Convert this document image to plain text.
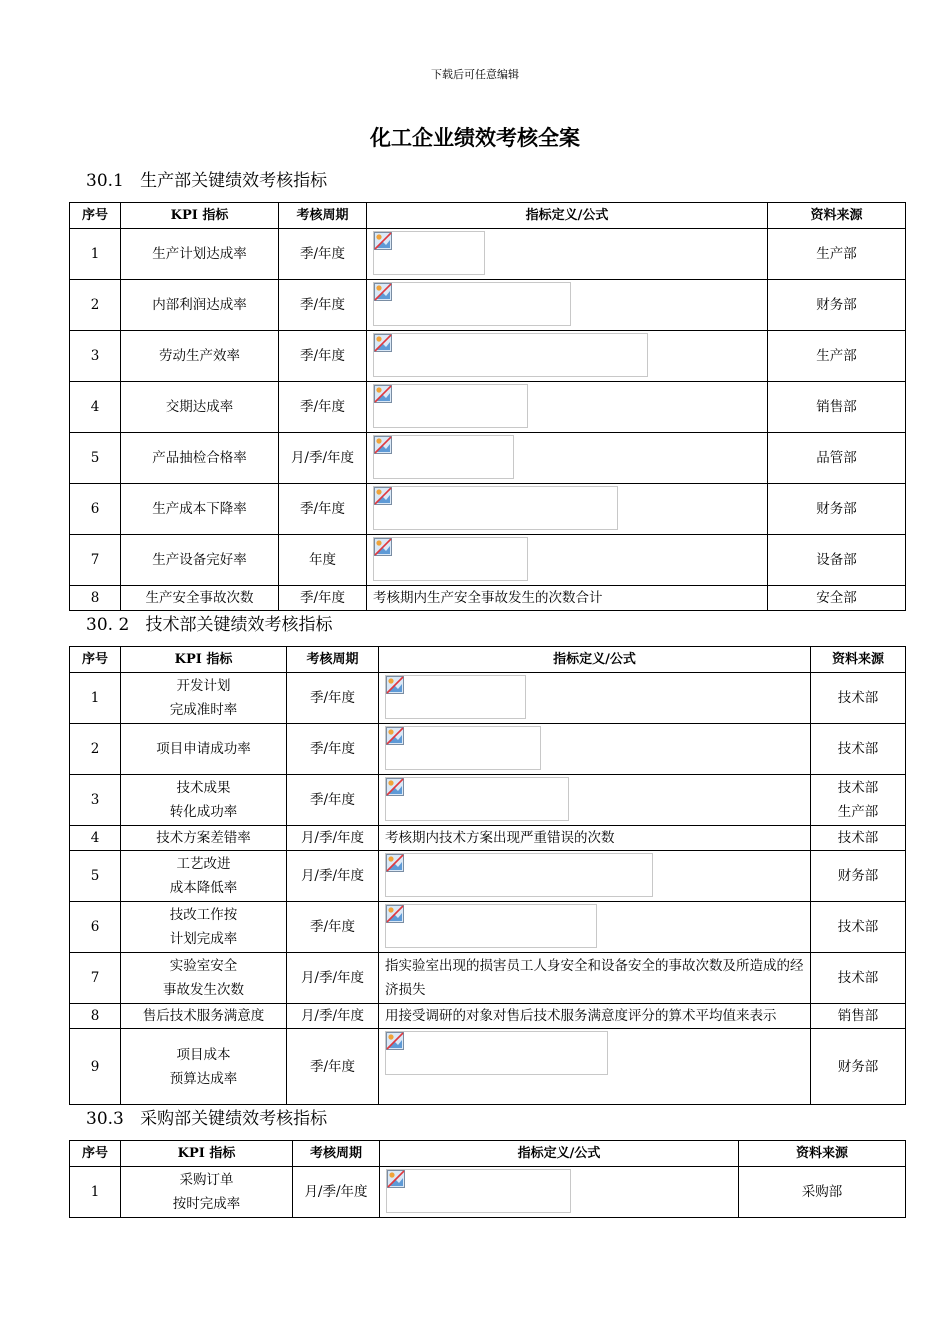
下载后可任意编辑
化工企业绩效考核全案
30.1   生产部关键绩效考核指标
序号	KPI 指标	考核周期	指标定义/公式	资料来源
1	生产计划达成率	季/年度		生产部

2	内部利润达成率	季/年度		财务部

3	劳动生产效率	季/年度		生产部

4	交期达成率	季/年度		销售部

5	产品抽检合格率	月/季/年度		品管部

6	生产成本下降率	季/年度		财务部

7	生产设备完好率	年度		设备部

8	生产安全事故次数	季/年度	考核期内生产安全事故发生的次数合计	安全部
30. 2   技术部关键绩效考核指标
序号	KPI 指标	考核周期	指标定义/公式	资料来源
1	开发计划
完成准时率	季/年度		技术部

2	项目申请成功率	季/年度		技术部

3	技术成果
转化成功率	季/年度		技术部
生产部

4	技术方案差错率	月/季/年度	考核期内技术方案出现严重错误的次数	技术部

5	工艺改进
成本降低率	月/季/年度		财务部

6	技改工作按
计划完成率	季/年度		技术部

7	实验室安全
事故发生次数	月/季/年度	指实验室出现的损害员工人身安全和设备安全的事故次数及所造成的经济损失	技术部

8	售后技术服务满意度	月/季/年度	用接受调研的对象对售后技术服务满意度评分的算术平均值来表示	销售部

9	项目成本
预算达成率	季/年度		财务部
30.3   采购部关键绩效考核指标
序号	KPI 指标	考核周期	指标定义/公式	资料来源
1	采购订单
按时完成率	月/季/年度		采购部
